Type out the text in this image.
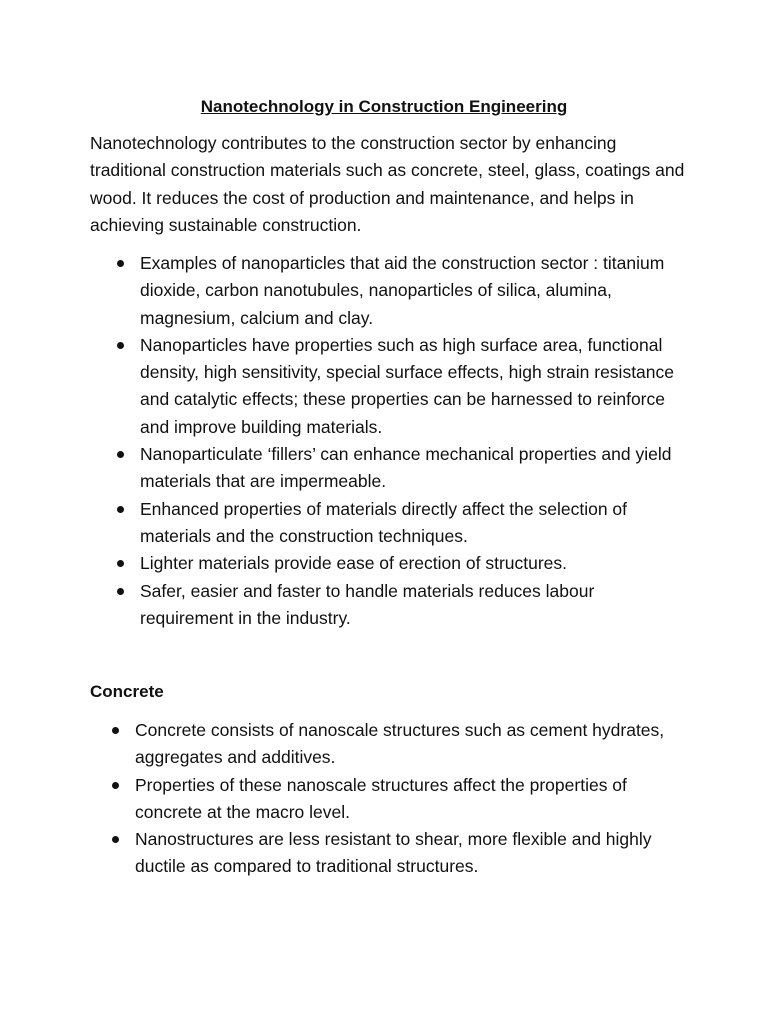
Nanotechnology in Construction Engineering

Nanotechnology contributes to the construction sector by enhancing traditional construction materials such as concrete, steel, glass, coatings and wood. It reduces the cost of production and maintenance, and helps in achieving sustainable construction.

Examples of nanoparticles that aid the construction sector : titanium dioxide, carbon nanotubules, nanoparticles of silica, alumina, magnesium, calcium and clay.
Nanoparticles have properties such as high surface area, functional density, high sensitivity, special surface effects, high strain resistance and catalytic effects; these properties can be harnessed to reinforce and improve building materials.
Nanoparticulate ‘fillers’ can enhance mechanical properties and yield materials that are impermeable.
Enhanced properties of materials directly affect the selection of materials and the construction techniques.
Lighter materials provide ease of erection of structures.
Safer, easier and faster to handle materials reduces labour requirement in the industry.
Concrete
Concrete consists of nanoscale structures such as cement hydrates, aggregates and additives.
Properties of these nanoscale structures affect the properties of concrete at the macro level.
Nanostructures are less resistant to shear, more flexible and highly ductile as compared to traditional structures.
